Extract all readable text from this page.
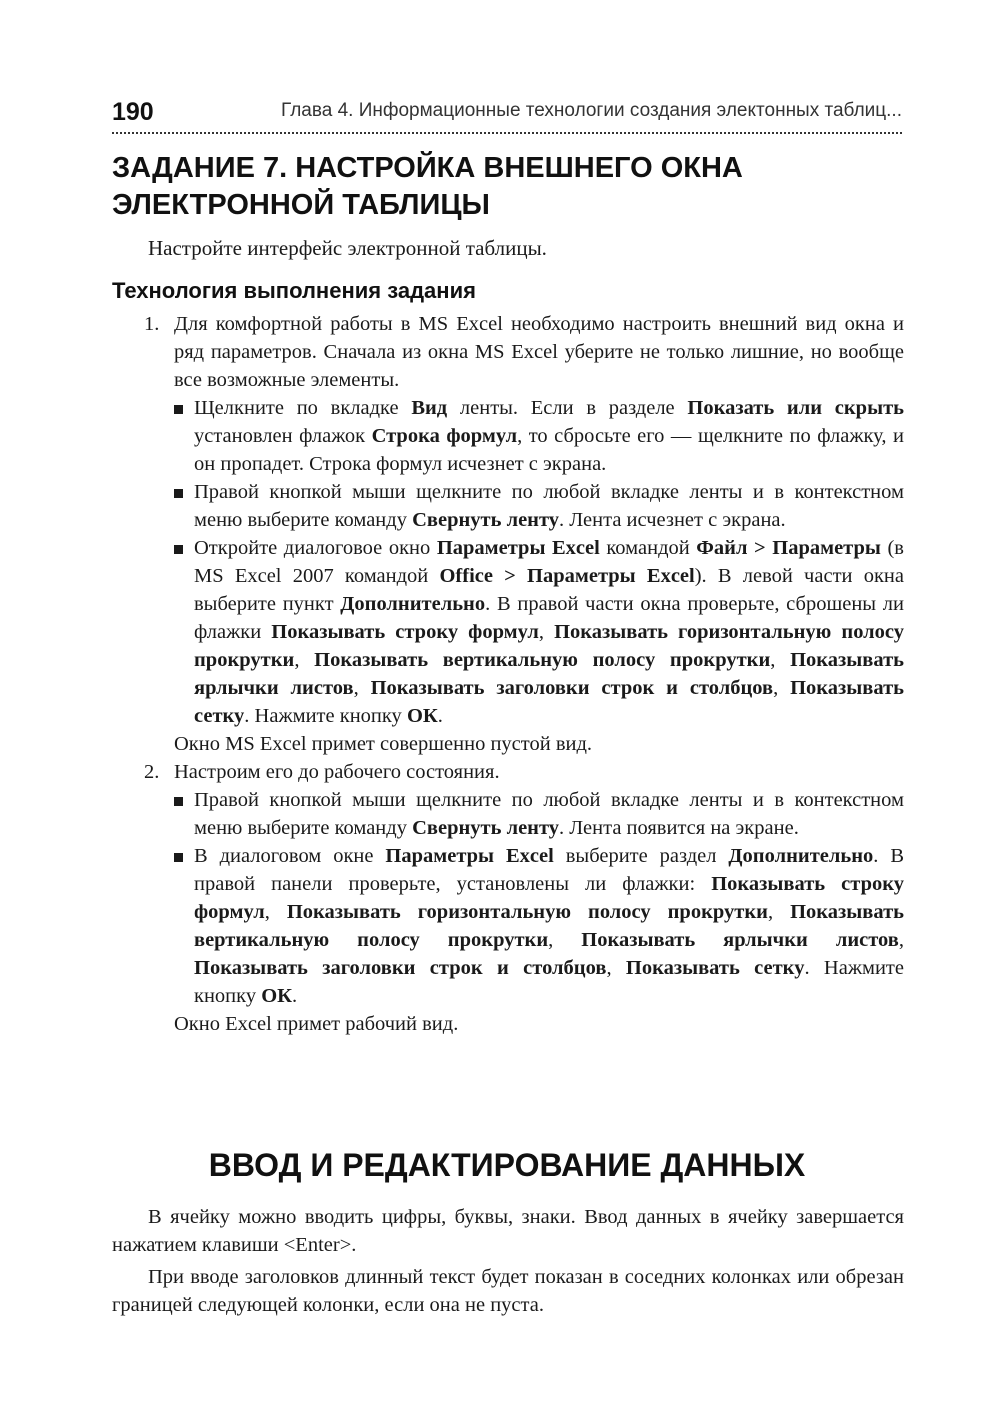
190	Глава 4. Информационные технологии создания электонных таблиц...
ЗАДАНИЕ 7. НАСТРОЙКА ВНЕШНЕГО ОКНА ЭЛЕКТРОННОЙ ТАБЛИЦЫ

Настройте интерфейс электронной таблицы.

Технология выполнения задания
1. Для комфортной работы в MS Excel необходимо настроить внешний вид окна и ряд параметров. Сначала из окна MS Excel уберите не только лишние, но вообще все возможные элементы.

Щелкните по вкладке Вид ленты. Если в разделе Показать или скрыть установлен флажок Строка формул, то сбросьте его — щелкните по флажку, и он пропадет. Строка формул исчезнет с экрана.
Правой кнопкой мыши щелкните по любой вкладке ленты и в контекстном меню выберите команду Свернуть ленту. Лента исчезнет с экрана.
Откройте диалоговое окно Параметры Excel командой Файл > Параметры (в MS Excel 2007 командой Office > Параметры Excel). В левой части окна выберите пункт Дополнительно. В правой части окна проверьте, сброшены ли флажки Показывать строку формул, Показывать горизонтальную полосу прокрутки, Показывать вертикальную полосу прокрутки, Показывать ярлычки листов, Показывать заголовки строк и столбцов, Показывать сетку. Нажмите кнопку ОК.

Окно MS Excel примет совершенно пустой вид.

2. Настроим его до рабочего состояния.

Правой кнопкой мыши щелкните по любой вкладке ленты и в контекстном меню выберите команду Свернуть ленту. Лента появится на экране.
В диалоговом окне Параметры Excel выберите раздел Дополнительно. В правой панели проверьте, установлены ли флажки: Показывать строку формул, Показывать горизонтальную полосу прокрутки, Показывать вертикальную полосу прокрутки, Показывать ярлычки листов, Показывать заголовки строк и столбцов, Показывать сетку. Нажмите кнопку ОК.

Окно Excel примет рабочий вид.

ВВОД И РЕДАКТИРОВАНИЕ ДАННЫХ

В ячейку можно вводить цифры, буквы, знаки. Ввод данных в ячейку завершается нажатием клавиши <Enter>.

При вводе заголовков длинный текст будет показан в соседних колонках или обрезан границей следующей колонки, если она не пуста.
